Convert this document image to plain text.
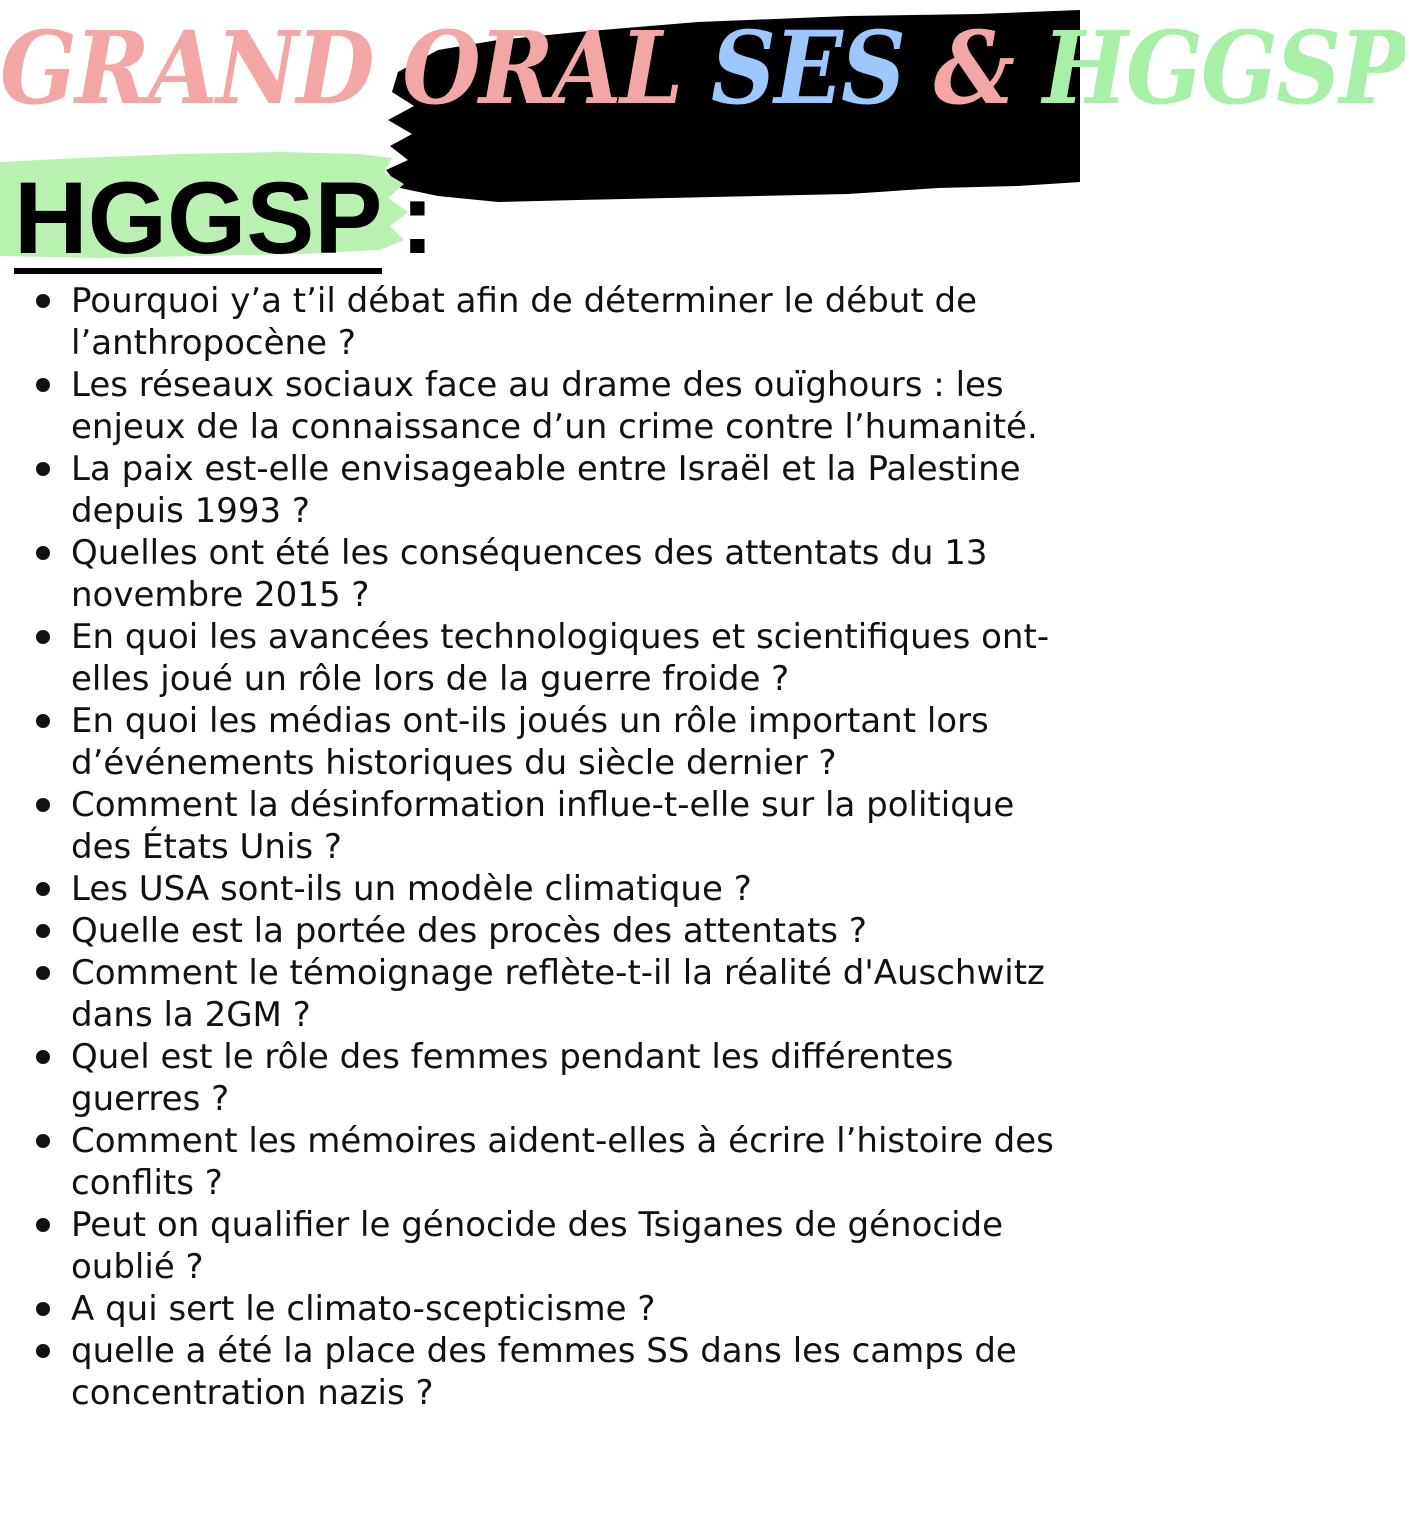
GRAND ORAL SES & HGGSP
HGGSP :
Pourquoi y’a t’il débat afin de déterminer le début de l’anthropocène ?
Les réseaux sociaux face au drame des ouïghours : les enjeux de la connaissance d’un crime contre l’humanité.
La paix est-elle envisageable entre Israël et la Palestine depuis 1993 ?
Quelles ont été les conséquences des attentats du 13 novembre 2015 ?
En quoi les avancées technologiques et scientifiques ont-elles joué un rôle lors de la guerre froide ?
En quoi les médias ont-ils joués un rôle important lors d’événements historiques du siècle dernier ?
Comment la désinformation influe-t-elle sur la politique des États Unis ?
Les USA sont-ils un modèle climatique ?
Quelle est la portée des procès des attentats ?
Comment le témoignage reflète-t-il la réalité d'Auschwitz dans la 2GM ?
Quel est le rôle des femmes pendant les différentes guerres ?
Comment les mémoires aident-elles à écrire l’histoire des conflits ?
Peut on qualifier le génocide des Tsiganes de génocide oublié ?
A qui sert le climato-scepticisme ?
quelle a été la place des femmes SS dans les camps de concentration nazis ?
